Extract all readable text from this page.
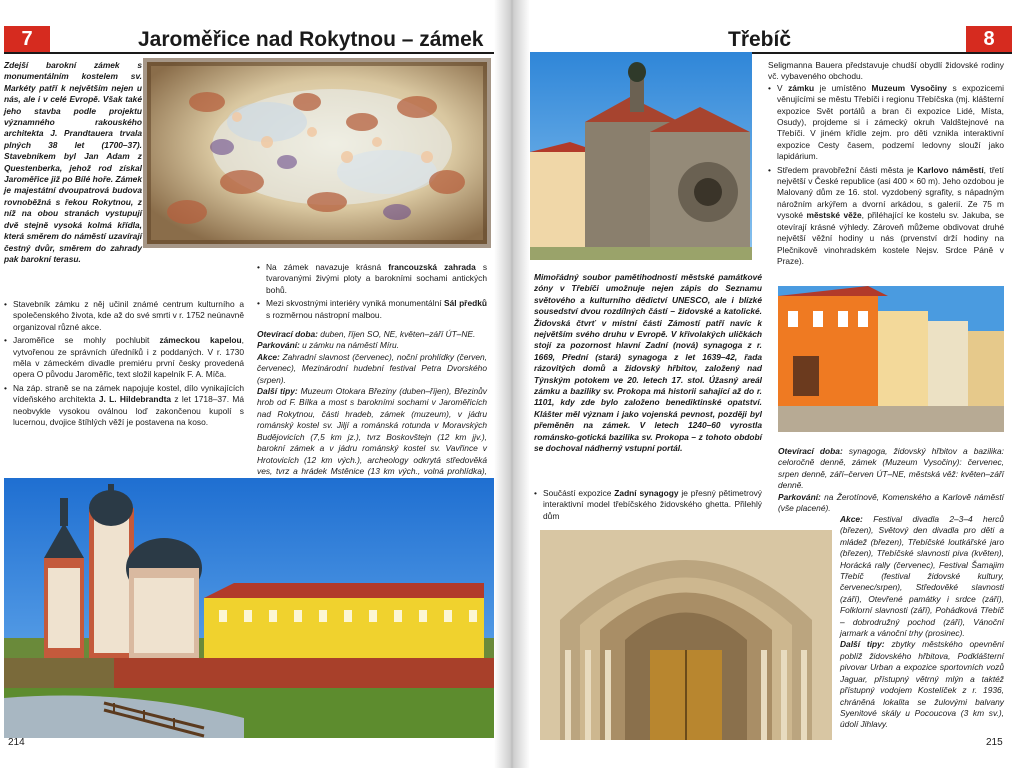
7	Jaroměřice nad Rokytnou – zámek

Zdejší barokní zámek s monumentálním kostelem sv. Markéty patří k největším nejen u nás, ale i v celé Evropě. Však také jeho stavba podle projektu významného rakouského architekta J. Prandtauera trvala plných 38 let (1700–37). Stavebníkem byl Jan Adam z Questenberka, jehož rod získal Jaroměřice již po Bílé hoře. Zámek je majestátní dvoupatrová budova rovnoběžná s řekou Rokytnou, z níž na obou stranách vystupují dvě stejně vysoká kolmá křídla, která směrem do náměstí uzavírají čestný dvůr, směrem do zahrady pak barokní terasu.

• Stavebník zámku z něj učinil známé centrum kulturního a společenského života, kde až do své smrti v r. 1752 neúnavně organizoval různé akce.
• Jaroměřice se mohly pochlubit zámeckou kapelou, vytvořenou ze správních úředníků i z poddaných. V r. 1730 měla v zámeckém divadle premiéru první česky provedená opera O původu Jaroměřic, text složil kapelník F. A. Míča.
• Na záp. straně se na zámek napojuje kostel, dílo vynikajících vídeňského architekta J. L. Hildebrandta z let 1718–37. Má neobvykle vysokou oválnou loď zakončenou kupolí s lucernou, dvojice štíhlých věží je postavena na koso.
• Na zámek navazuje krásná francouzská zahrada s tvarovanými živými ploty a barokními sochami antických bohů.
• Mezi skvostnými interiéry vyniká monumentální Sál předků s rozměrnou nástropní malbou.

Otevírací doba: duben, říjen SO, NE, květen–září ÚT–NE.

Parkování: u zámku na náměstí Míru.

Akce: Zahradní slavnost (červenec), noční prohlídky (červen, červenec), Mezinárodní hudební festival Petra Dvorského (srpen).

Další tipy: Muzeum Otokara Březiny (duben–říjen), Březinův hrob od F. Bílka a most s barokními sochami v Jaroměřicích nad Rokytnou, části hradeb, zámek (muzeum), v jádru románský kostel sv. Jiljí a románská rotunda v Moravských Budějovicích (7,5 km jz.), tvrz Boskovštejn (12 km jjv.), barokní zámek a v jádru románský kostel sv. Vavřince v Hrotovicích (12 km vých.), archeology odkrytá středověká ves, tvrz a hrádek Mstěnice (13 km vých., volná prohlídka),

214
8
Třebíč

Seligmanna Bauera představuje chudší obydlí židovské rodiny vč. vybaveného obchodu.

• V zámku je umístěno Muzeum Vysočiny s expozicemi věnujícími se městu Třebíči i regionu Třebíčska (mj. klášterní expozice Svět portálů a bran či expozice Lidé, Místa, Osudy), projdeme si i zámecký okruh Valdštejnové na Třebíči. V jiném křídle zejm. pro děti vznikla interaktivní expozice Cesty časem, podzemí ledovny slouží jako lapidárium.
• Středem pravobřežní části města je Karlovo náměstí, třetí největší v České republice (asi 400 × 60 m). Jeho ozdobou je Malovaný dům ze 16. stol. vyzdobený sgrafity, s nápadným nárožním arkýřem a dvorní arkádou, s galerií. Ze 75 m vysoké městské věže, přiléhající ke kostelu sv. Jakuba, se otevírají krásné výhledy. Zároveň můžeme obdivovat druhé největší věžní hodiny u nás (prvenství drží hodiny na Plečnikově vinohradském kostele Nejsv. Srdce Páně v Praze).

Mimořádný soubor pamětihodností městské památkové zóny v Třebíči umožnuje nejen zápis do Seznamu světového a kulturního dědictví UNESCO, ale i blízké sousedství dvou rozdílných částí – židovské a katolické. Židovská čtvrť v místní části Zámostí patří navíc k největším svého druhu v Evropě. V křivolakých uličkách stojí za pozornost hlavní Zadní (nová) synagoga z r. 1669, Přední (stará) synagoga z let 1639–42, řada rázovitých domů a židovský hřbitov, založený nad Týnským potokem ve 20. letech 17. stol. Úžasný areál zámku a baziliky sv. Prokopa má historii sahající až do r. 1101, kdy zde bylo založeno benediktinské opatství. Klášter měl význam i jako vojenská pevnost, později byl přeměněn na zámek. V letech 1240–60 vyrostla románsko-gotická bazilika sv. Prokopa – z tohoto období se dochoval nádherný vstupní portál.

• Součástí expozice Zadní synagogy je přesný pětimetrový interaktivní model třebíčského židovského ghetta. Přilehlý dům

Otevírací doba: synagoga, židovský hřbitov a bazilika: celoročně denně, zámek (Muzeum Vysočiny): červenec, srpen denně, září–červen ÚT–NE, městská věž: květen–září denně.

Parkování: na Žerotínově, Komenského a Karlově náměstí (vše placené).

Akce: Festival divadla 2–3–4 herců (březen), Světový den divadla pro děti a mládež (březen), Třebíčské loutkářské jaro (březen), Třebíčské slavnosti piva (květen), Horácká rally (červenec), Festival Šamajim Třebíč (festival židovské kultury, červenec/srpen), Středověké slavnosti (září), Otevřené památky i srdce (září), Folklorní slavnosti (září), Pohádková Třebíč – dobrodružný pochod (září), Vánoční jarmark a vánoční trhy (prosinec).

Další tipy: zbytky městského opevnění poblíž židovského hřbitova, Podklášterní pivovar Urban a expozice sportovních vozů Jaguar, přístupný větrný mlýn a taktéž přístupný vodojem Kostelíček z r. 1936, chráněná lokalita se žulovými balvany Syenitové skály u Pocoucova (3 km sv.), údolí Jihlavy.

215
